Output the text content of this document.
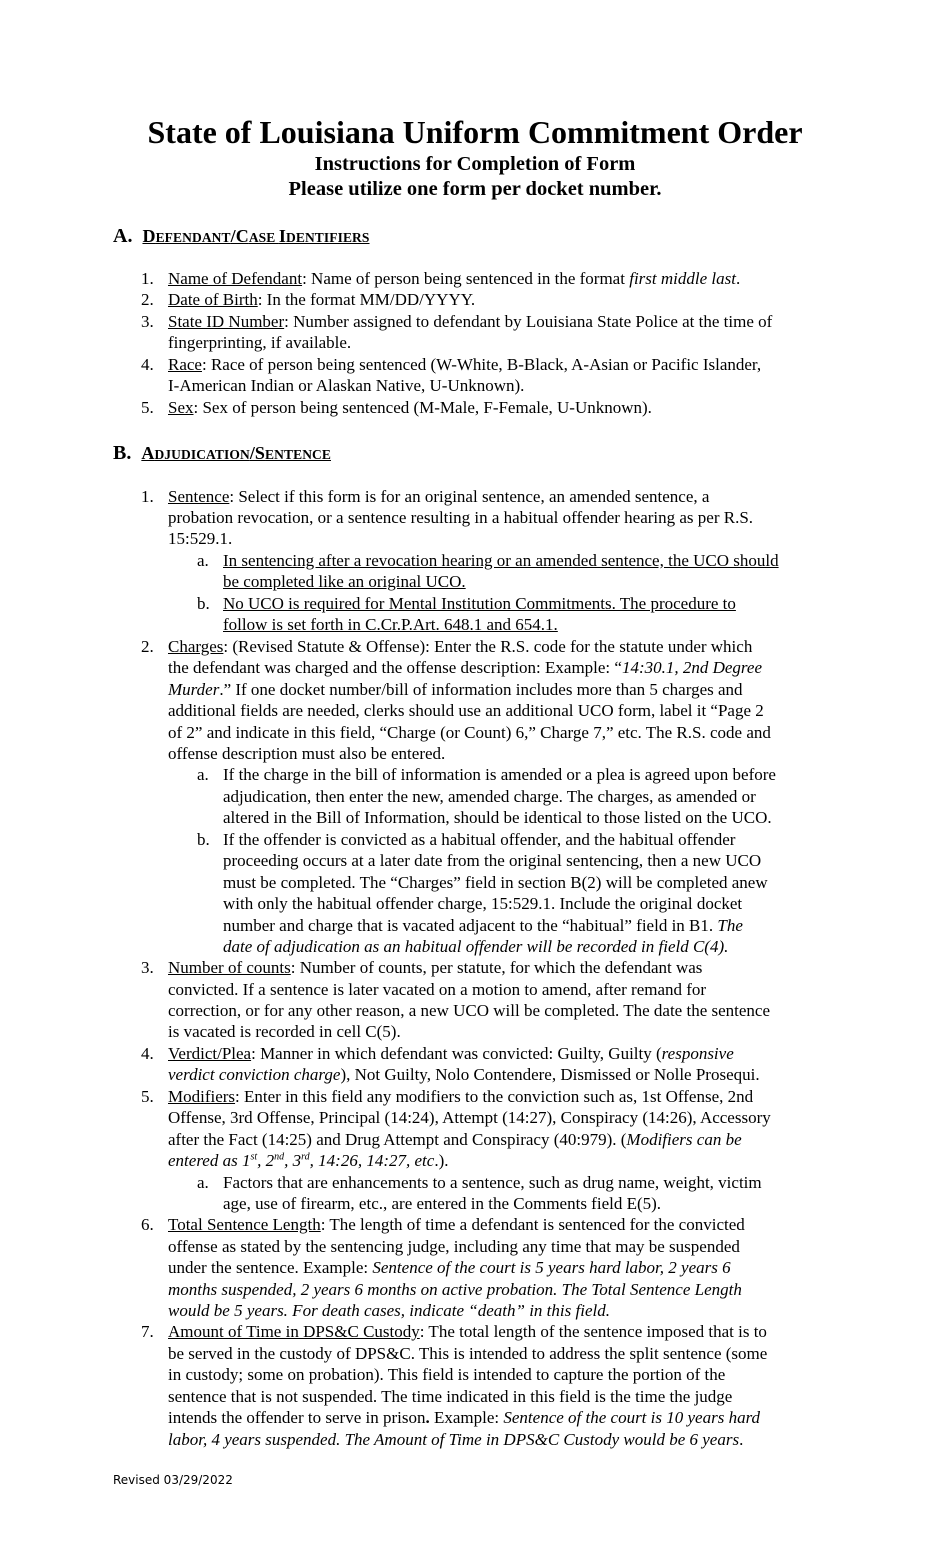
State of Louisiana Uniform Commitment Order
Instructions for Completion of Form
Please utilize one form per docket number.
A. DEFENDANT/CASE IDENTIFIERS
1. Name of Defendant: Name of person being sentenced in the format first middle last.
2. Date of Birth: In the format MM/DD/YYYY.
3. State ID Number: Number assigned to defendant by Louisiana State Police at the time of
fingerprinting, if available.
4. Race: Race of person being sentenced (W-White, B-Black, A-Asian or Pacific Islander,
I-American Indian or Alaskan Native, U-Unknown).
5. Sex: Sex of person being sentenced (M-Male, F-Female, U-Unknown).
B. ADJUDICATION/SENTENCE
1. Sentence: Select if this form is for an original sentence, an amended sentence, a
probation revocation, or a sentence resulting in a habitual offender hearing as per R.S.
15:529.1.
a. In sentencing after a revocation hearing or an amended sentence, the UCO should
be completed like an original UCO.
b. No UCO is required for Mental Institution Commitments. The procedure to
follow is set forth in C.Cr.P.Art. 648.1 and 654.1.
2. Charges: (Revised Statute & Offense): Enter the R.S. code for the statute under which
the defendant was charged and the offense description: Example: “14:30.1, 2nd Degree
Murder.” If one docket number/bill of information includes more than 5 charges and
additional fields are needed, clerks should use an additional UCO form, label it “Page 2
of 2” and indicate in this field, “Charge (or Count) 6,” Charge 7,” etc. The R.S. code and
offense description must also be entered.
a. If the charge in the bill of information is amended or a plea is agreed upon before
adjudication, then enter the new, amended charge. The charges, as amended or
altered in the Bill of Information, should be identical to those listed on the UCO.
b. If the offender is convicted as a habitual offender, and the habitual offender
proceeding occurs at a later date from the original sentencing, then a new UCO
must be completed. The “Charges” field in section B(2) will be completed anew
with only the habitual offender charge, 15:529.1. Include the original docket
number and charge that is vacated adjacent to the “habitual” field in B1. The
date of adjudication as an habitual offender will be recorded in field C(4).
3. Number of counts: Number of counts, per statute, for which the defendant was
convicted. If a sentence is later vacated on a motion to amend, after remand for
correction, or for any other reason, a new UCO will be completed. The date the sentence
is vacated is recorded in cell C(5).
4. Verdict/Plea: Manner in which defendant was convicted: Guilty, Guilty (responsive
verdict conviction charge), Not Guilty, Nolo Contendere, Dismissed or Nolle Prosequi.
5. Modifiers: Enter in this field any modifiers to the conviction such as, 1st Offense, 2nd
Offense, 3rd Offense, Principal (14:24), Attempt (14:27), Conspiracy (14:26), Accessory
after the Fact (14:25) and Drug Attempt and Conspiracy (40:979). (Modifiers can be
entered as 1st, 2nd, 3rd, 14:26, 14:27, etc.).
a. Factors that are enhancements to a sentence, such as drug name, weight, victim
age, use of firearm, etc., are entered in the Comments field E(5).
6. Total Sentence Length: The length of time a defendant is sentenced for the convicted
offense as stated by the sentencing judge, including any time that may be suspended
under the sentence. Example: Sentence of the court is 5 years hard labor, 2 years 6
months suspended, 2 years 6 months on active probation. The Total Sentence Length
would be 5 years. For death cases, indicate “death” in this field.
7. Amount of Time in DPS&C Custody: The total length of the sentence imposed that is to
be served in the custody of DPS&C. This is intended to address the split sentence (some
in custody; some on probation). This field is intended to capture the portion of the
sentence that is not suspended. The time indicated in this field is the time the judge
intends the offender to serve in prison. Example: Sentence of the court is 10 years hard
labor, 4 years suspended. The Amount of Time in DPS&C Custody would be 6 years.
Revised 03/29/2022
